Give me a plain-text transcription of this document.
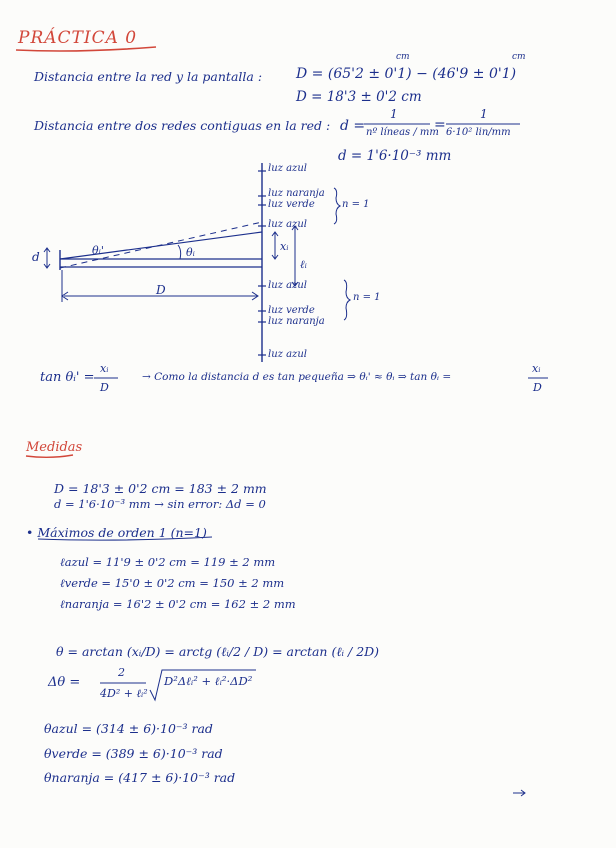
PRÁCTICA 0
Distancia entre la red y la pantalla : D = (65'2 ± 0'1) − (46'9 ± 0'1)
cm	cm
D = 18'3 ± 0'2 cm
Distancia entre dos redes contiguas en la red : d =
1
nº líneas / mm
=
1
6·10² lin/mm
d = 1'6·10⁻³ mm
luz azul
luz naranja
luz verde	n = 1
luz azul
xᵢ
ℓᵢ
luz azul
n = 1
luz verde
luz naranja
luz azul
d	θᵢ'	θᵢ
D
tan θᵢ' =
xᵢ
D
→ Como la distancia d es tan pequeña ⇒ θᵢ' ≈ θᵢ ⇒ tan θᵢ =
xᵢ
D
Medidas
D = 18'3 ± 0'2 cm = 183 ± 2 mm
d = 1'6·10⁻³ mm → sin error: Δd = 0
• Máximos de orden 1 (n=1)
ℓazul = 11'9 ± 0'2 cm = 119 ± 2 mm
ℓverde = 15'0 ± 0'2 cm = 150 ± 2 mm
ℓnaranja = 16'2 ± 0'2 cm = 162 ± 2 mm
θ = arctan (xᵢ/D) = arctg (ℓᵢ/2 / D) = arctan (ℓᵢ / 2D)
Δθ =
2
4D² + ℓᵢ²
D²Δℓᵢ² + ℓᵢ²·ΔD²
θazul = (314 ± 6)·10⁻³ rad
θverde = (389 ± 6)·10⁻³ rad
θnaranja = (417 ± 6)·10⁻³ rad
